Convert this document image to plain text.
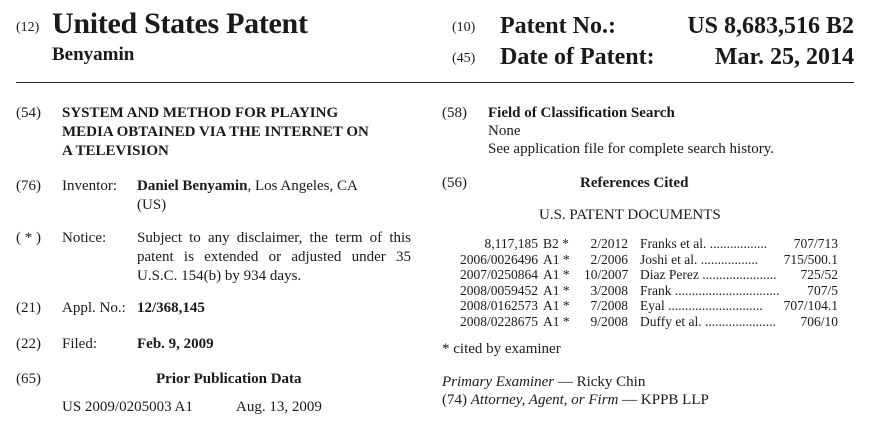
(12) United States Patent
Benyamin
(10) Patent No.:	US 8,683,516 B2
(45) Date of Patent:	Mar. 25, 2014
(54) SYSTEM AND METHOD FOR PLAYING
MEDIA OBTAINED VIA THE INTERNET ON
A TELEVISION
(76) Inventor: Daniel Benyamin, Los Angeles, CA
(US)
( * ) Notice: Subject to any disclaimer, the term of this
patent is extended or adjusted under 35
U.S.C. 154(b) by 934 days.
(21) Appl. No.: 12/368,145
(22) Filed:	Feb. 9, 2009
(65)	Prior Publication Data
US 2009/0205003 A1	Aug. 13, 2009
(58) Field of Classification Search
None
See application file for complete search history.
(56)	References Cited
U.S. PATENT DOCUMENTS
8,117,185 B2 *	2/2012 Franks et al. .................	707/713
2006/0026496 A1 *	2/2006 Joshi et al. .................	715/500.1
2007/0250864 A1 * 10/2007 Diaz Perez ......................	725/52
2008/0059452 A1 *	3/2008 Frank ...............................	707/5
2008/0162573 A1 *	7/2008 Eyal ............................	707/104.1
2008/0228675 A1 *	9/2008 Duffy et al. .....................	706/10
* cited by examiner
Primary Examiner — Ricky Chin
(74) Attorney, Agent, or Firm — KPPB LLP
